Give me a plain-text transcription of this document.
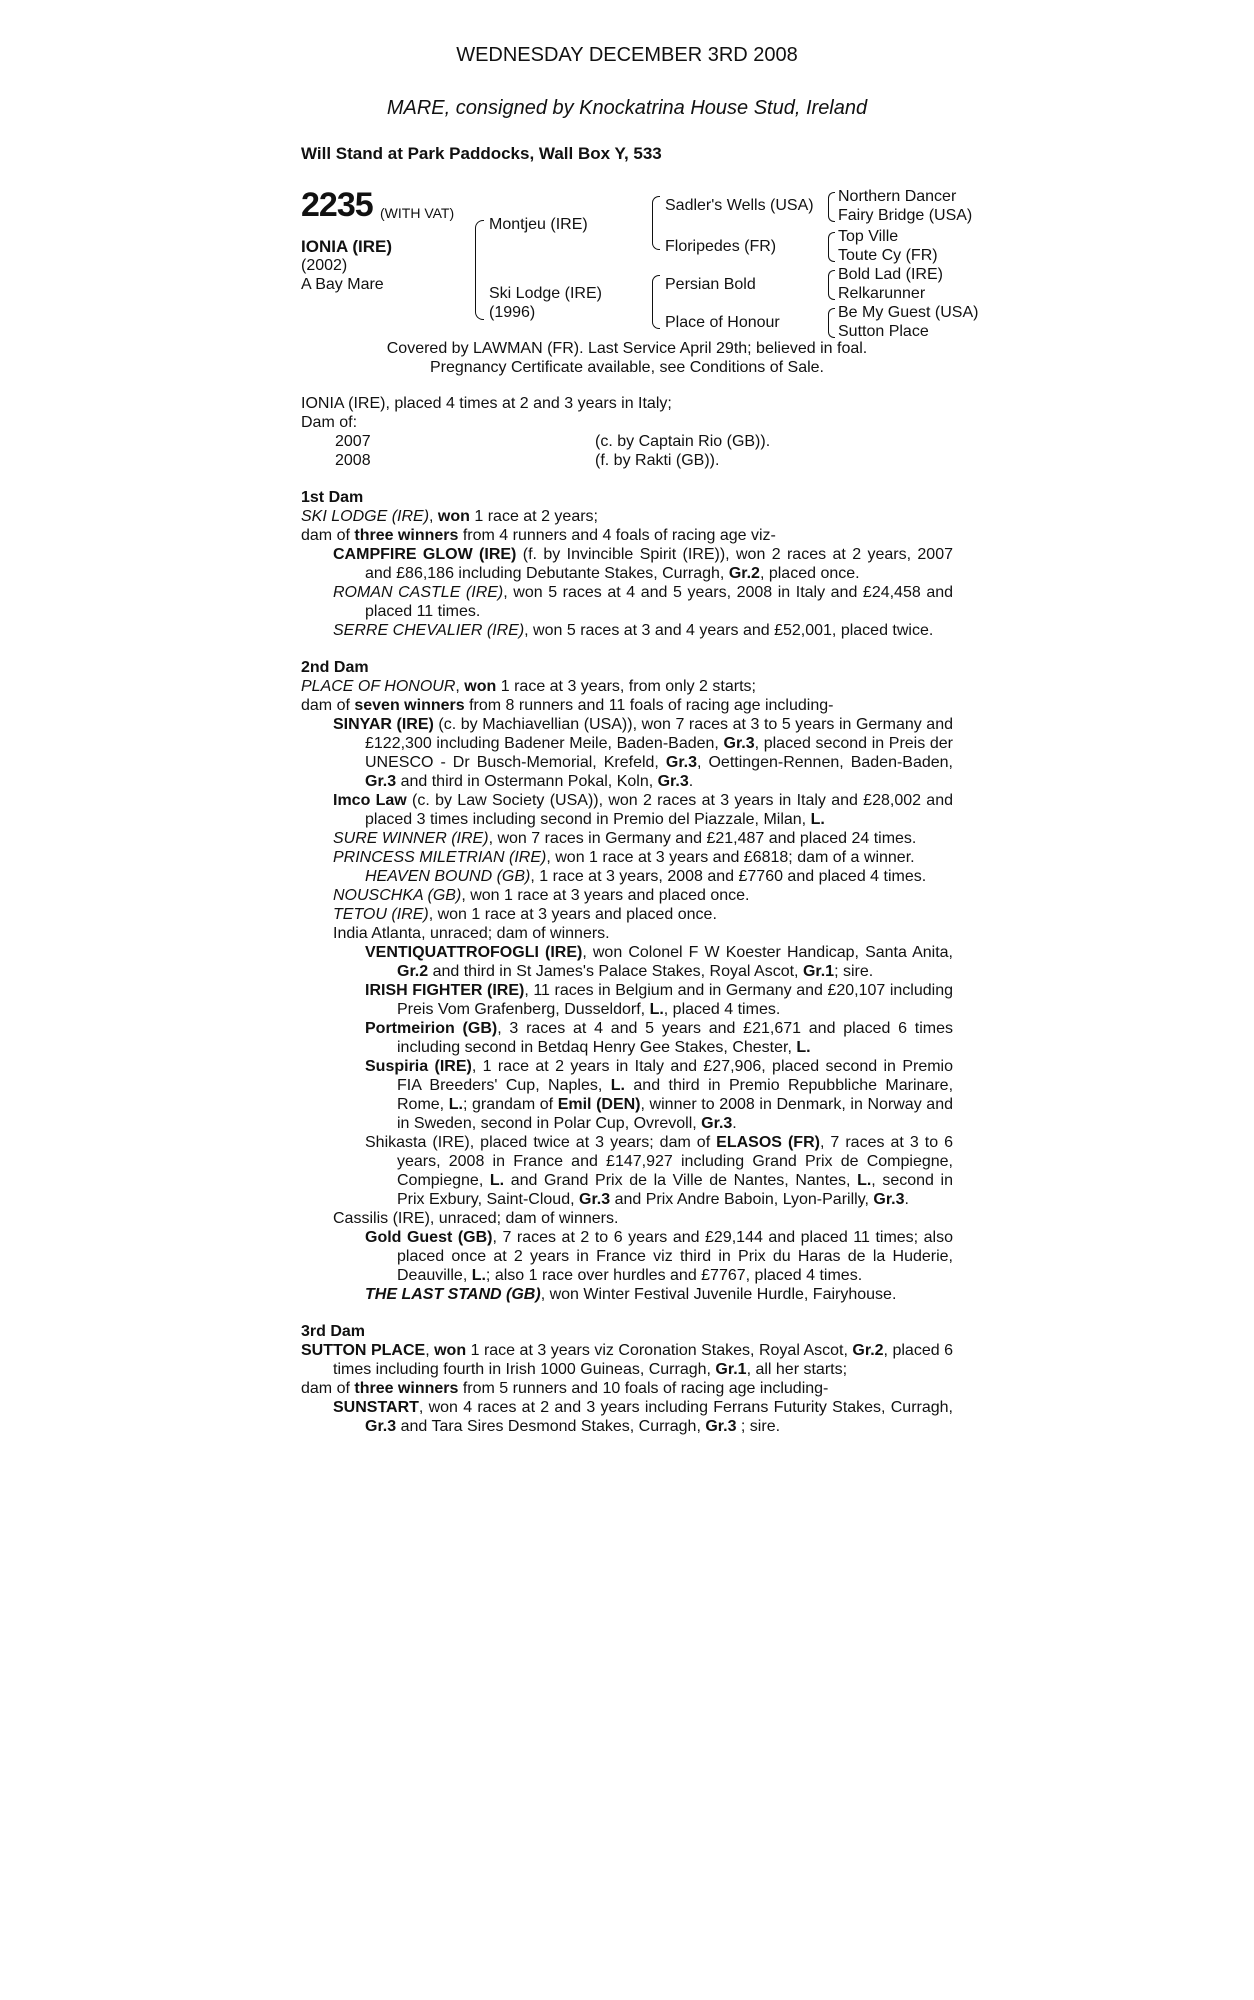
WEDNESDAY DECEMBER 3RD 2008
MARE, consigned by Knockatrina House Stud, Ireland
Will Stand at Park Paddocks, Wall Box Y, 533
2235 (WITH VAT)
IONIA (IRE)
(2002)
A Bay Mare
Montjeu (IRE)
Ski Lodge (IRE)
(1996)
Sadler's Wells (USA)
Floripedes (FR)
Persian Bold
Place of Honour
Northern Dancer
Fairy Bridge (USA)
Top Ville
Toute Cy (FR)
Bold Lad (IRE)
Relkarunner
Be My Guest (USA)
Sutton Place
Covered by LAWMAN (FR). Last Service April 29th; believed in foal.
Pregnancy Certificate available, see Conditions of Sale.

IONIA (IRE), placed 4 times at 2 and 3 years in Italy;

Dam of:

2007	(c. by Captain Rio (GB)).
2008	(f. by Rakti (GB)).

1st Dam

SKI LODGE (IRE), won 1 race at 2 years;

dam of three winners from 4 runners and 4 foals of racing age viz-

CAMPFIRE GLOW (IRE) (f. by Invincible Spirit (IRE)), won 2 races at 2 years, 2007 and £86,186 including Debutante Stakes, Curragh, Gr.2, placed once.

ROMAN CASTLE (IRE), won 5 races at 4 and 5 years, 2008 in Italy and £24,458 and placed 11 times.

SERRE CHEVALIER (IRE), won 5 races at 3 and 4 years and £52,001, placed twice.

2nd Dam

PLACE OF HONOUR, won 1 race at 3 years, from only 2 starts;

dam of seven winners from 8 runners and 11 foals of racing age including-

SINYAR (IRE) (c. by Machiavellian (USA)), won 7 races at 3 to 5 years in Germany and £122,300 including Badener Meile, Baden-Baden, Gr.3, placed second in Preis der UNESCO - Dr Busch-Memorial, Krefeld, Gr.3, Oettingen-Rennen, Baden-Baden, Gr.3 and third in Ostermann Pokal, Koln, Gr.3.

Imco Law (c. by Law Society (USA)), won 2 races at 3 years in Italy and £28,002 and placed 3 times including second in Premio del Piazzale, Milan, L.

SURE WINNER (IRE), won 7 races in Germany and £21,487 and placed 24 times.

PRINCESS MILETRIAN (IRE), won 1 race at 3 years and £6818; dam of a winner.

HEAVEN BOUND (GB), 1 race at 3 years, 2008 and £7760 and placed 4 times.

NOUSCHKA (GB), won 1 race at 3 years and placed once.

TETOU (IRE), won 1 race at 3 years and placed once.

India Atlanta, unraced; dam of winners.

VENTIQUATTROFOGLI (IRE), won Colonel F W Koester Handicap, Santa Anita, Gr.2 and third in St James's Palace Stakes, Royal Ascot, Gr.1; sire.

IRISH FIGHTER (IRE), 11 races in Belgium and in Germany and £20,107 including Preis Vom Grafenberg, Dusseldorf, L., placed 4 times.

Portmeirion (GB), 3 races at 4 and 5 years and £21,671 and placed 6 times including second in Betdaq Henry Gee Stakes, Chester, L.

Suspiria (IRE), 1 race at 2 years in Italy and £27,906, placed second in Premio FIA Breeders' Cup, Naples, L. and third in Premio Repubbliche Marinare, Rome, L.; grandam of Emil (DEN), winner to 2008 in Denmark, in Norway and in Sweden, second in Polar Cup, Ovrevoll, Gr.3.

Shikasta (IRE), placed twice at 3 years; dam of ELASOS (FR), 7 races at 3 to 6 years, 2008 in France and £147,927 including Grand Prix de Compiegne, Compiegne, L. and Grand Prix de la Ville de Nantes, Nantes, L., second in Prix Exbury, Saint-Cloud, Gr.3 and Prix Andre Baboin, Lyon-Parilly, Gr.3.

Cassilis (IRE), unraced; dam of winners.

Gold Guest (GB), 7 races at 2 to 6 years and £29,144 and placed 11 times; also placed once at 2 years in France viz third in Prix du Haras de la Huderie, Deauville, L.; also 1 race over hurdles and £7767, placed 4 times.

THE LAST STAND (GB), won Winter Festival Juvenile Hurdle, Fairyhouse.

3rd Dam

SUTTON PLACE, won 1 race at 3 years viz Coronation Stakes, Royal Ascot, Gr.2, placed 6 times including fourth in Irish 1000 Guineas, Curragh, Gr.1, all her starts;

dam of three winners from 5 runners and 10 foals of racing age including-

SUNSTART, won 4 races at 2 and 3 years including Ferrans Futurity Stakes, Curragh, Gr.3 and Tara Sires Desmond Stakes, Curragh, Gr.3 ; sire.
